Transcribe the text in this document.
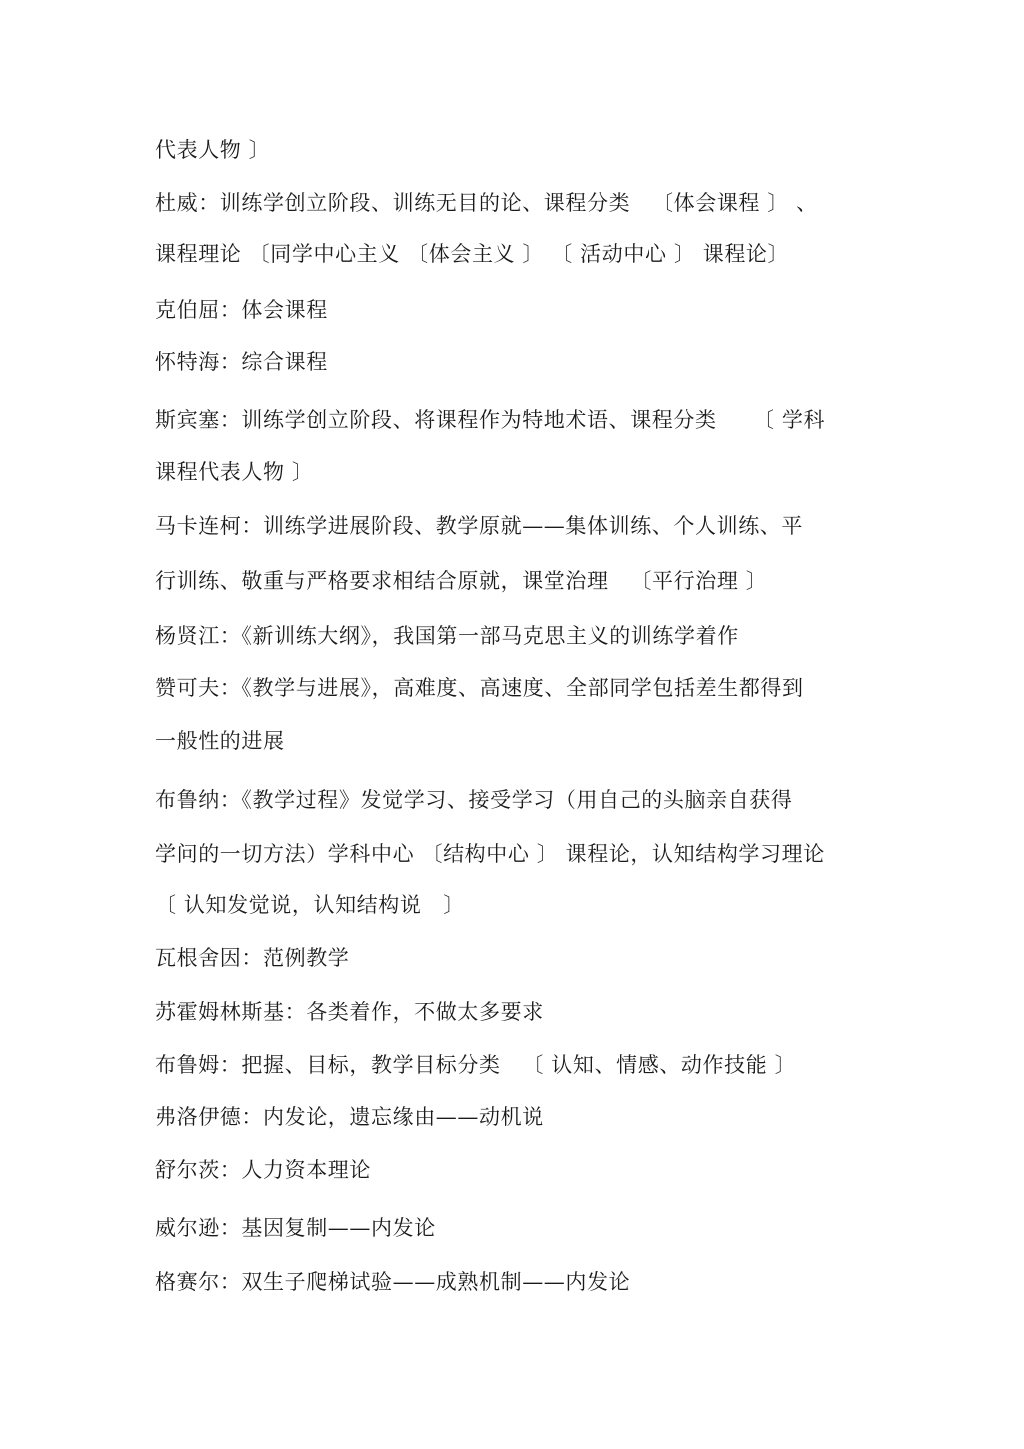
代表人物 〕
杜威：训练学创立阶段、训练无目的论、课程分类   〔体会课程 〕 、
课程理论 〔同学中心主义 〔体会主义 〕 〔 活动中心 〕 课程论〕
克伯屈：体会课程
怀特海：综合课程
斯宾塞：训练学创立阶段、将课程作为特地术语、课程分类     〔 学科
课程代表人物 〕
马卡连柯：训练学进展阶段、教学原就——集体训练、个人训练、平
行训练、敬重与严格要求相结合原就，课堂治理   〔平行治理 〕
杨贤江：《新训练大纲》，我国第一部马克思主义的训练学着作
赞可夫：《教学与进展》，高难度、高速度、全部同学包括差生都得到
一般性的进展
布鲁纳：《教学过程》发觉学习、接受学习（用自己的头脑亲自获得
学问的一切方法）学科中心 〔结构中心 〕 课程论，认知结构学习理论
〔 认知发觉说，认知结构说   〕
瓦根舍因：范例教学
苏霍姆林斯基：各类着作，不做太多要求
布鲁姆：把握、目标，教学目标分类   〔 认知、情感、动作技能 〕
弗洛伊德：内发论，遗忘缘由——动机说
舒尔茨：人力资本理论
威尔逊：基因复制——内发论
格赛尔：双生子爬梯试验——成熟机制——内发论
